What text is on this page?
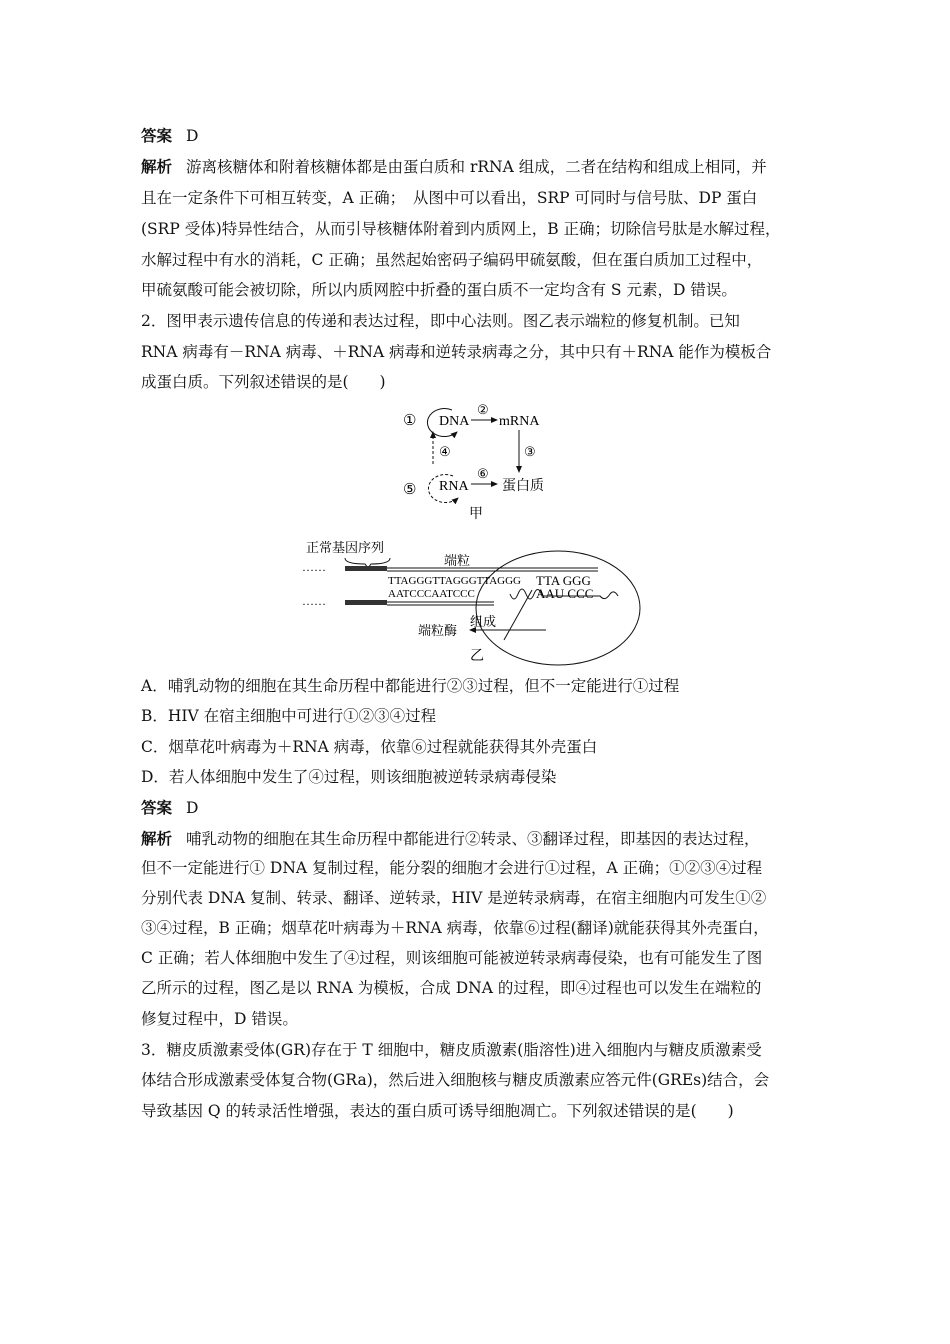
答案 D
解析 游离核糖体和附着核糖体都是由蛋白质和 rRNA 组成，二者在结构和组成上相同，并
且在一定条件下可相互转变，A 正确；　从图中可以看出，SRP 可同时与信号肽、DP 蛋白
(SRP 受体)特异性结合，从而引导核糖体附着到内质网上，B 正确；切除信号肽是水解过程，
水解过程中有水的消耗，C 正确；虽然起始密码子编码甲硫氨酸，但在蛋白质加工过程中，
甲硫氨酸可能会被切除，所以内质网腔中折叠的蛋白质不一定均含有 S 元素，D 错误。
2．图甲表示遗传信息的传递和表达过程，即中心法则。图乙表示端粒的修复机制。已知
RNA 病毒有－RNA 病毒、＋RNA 病毒和逆转录病毒之分，其中只有＋RNA 能作为模板合
成蛋白质。下列叙述错误的是(　　)
① DNA
②
mRNA
③
④
⑤ RNA
⑥
蛋白质
甲
正常基因序列
端粒
……
TTAGGGTTAGGGTTAGGG TTA GGG
AAU CCC
AATCCCAATCCC
……
组成
端粒酶
乙
A．哺乳动物的细胞在其生命历程中都能进行②③过程，但不一定能进行①过程
B．HIV 在宿主细胞中可进行①②③④过程
C．烟草花叶病毒为＋RNA 病毒，依靠⑥过程就能获得其外壳蛋白
D．若人体细胞中发生了④过程，则该细胞被逆转录病毒侵染
答案 D
解析 哺乳动物的细胞在其生命历程中都能进行②转录、③翻译过程，即基因的表达过程，
但不一定能进行① DNA 复制过程，能分裂的细胞才会进行①过程，A 正确；①②③④过程
分别代表 DNA 复制、转录、翻译、逆转录，HIV 是逆转录病毒，在宿主细胞内可发生①②
③④过程，B 正确；烟草花叶病毒为＋RNA 病毒，依靠⑥过程(翻译)就能获得其外壳蛋白，
C 正确；若人体细胞中发生了④过程，则该细胞可能被逆转录病毒侵染，也有可能发生了图
乙所示的过程，图乙是以 RNA 为模板，合成 DNA 的过程，即④过程也可以发生在端粒的
修复过程中，D 错误。
3．糖皮质激素受体(GR)存在于 T 细胞中，糖皮质激素(脂溶性)进入细胞内与糖皮质激素受
体结合形成激素受体复合物(GRa)，然后进入细胞核与糖皮质激素应答元件(GREs)结合，会
导致基因 Q 的转录活性增强，表达的蛋白质可诱导细胞凋亡。下列叙述错误的是(　　)
